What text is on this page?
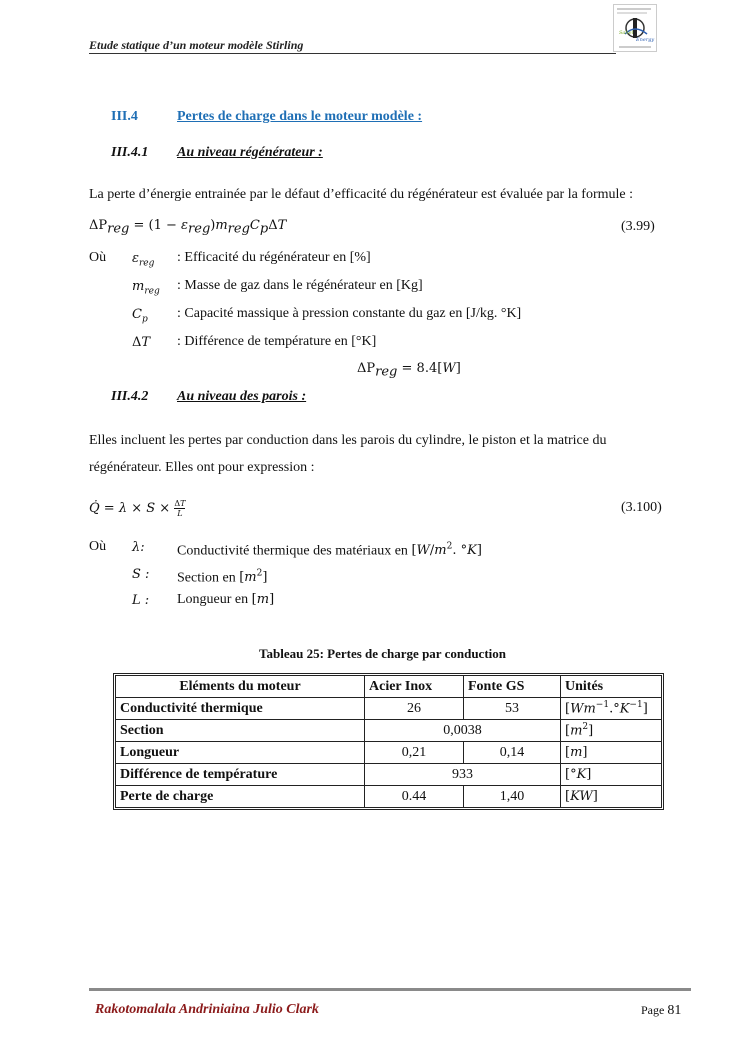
Etude statique d’un moteur modèle Stirling
Sahel
Energy
III.4	Pertes de charge dans le moteur modèle :
III.4.1 Au niveau régénérateur :
La perte d’énergie entrainée par le défaut d’efficacité du régénérateur est évaluée par la formule :
$\Delta P_{reg} = (1 - \varepsilon_{reg})m_{reg}C_p\Delta T$	(3.99)
Où $\varepsilon_{reg}$ : Efficacité du régénérateur en [%]
$m_{reg}$ : Masse de gaz dans le régénérateur en [Kg]
$C_p$ : Capacité massique à pression constante du gaz en [J/kg. °K]
ΔT : Différence de température en [°K]
$\Delta P_{reg} = 8.4[W]$
III.4.2 Au niveau des parois :
Elles incluent les pertes par conduction dans les parois du cylindre, le piston et la matrice du
régénérateur. Elles ont pour expression :
Q̇ = $\lambda \times S \times \frac{\Delta T}{L}$	(3.100)
Où λ: Conductivité thermique des matériaux en [$W/m^2$. °K]
S : Section en $[m^2]$
L : Longueur en [m]
Tableau 25: Pertes de charge par conduction
Eléments du moteur	Acier Inox	Fonte GS	Unités
Conductivité thermique	26	53	$[Wm^{-1}.^\circ K^{-1}]$
Section	0,0038		$[m^2]$
Longueur	0,21	0,14	[m]
Différence de température	933		[°K]
Perte de charge	0.44	1,40	[KW]
Rakotomalala Andriniaina Julio Clark	Page 81
